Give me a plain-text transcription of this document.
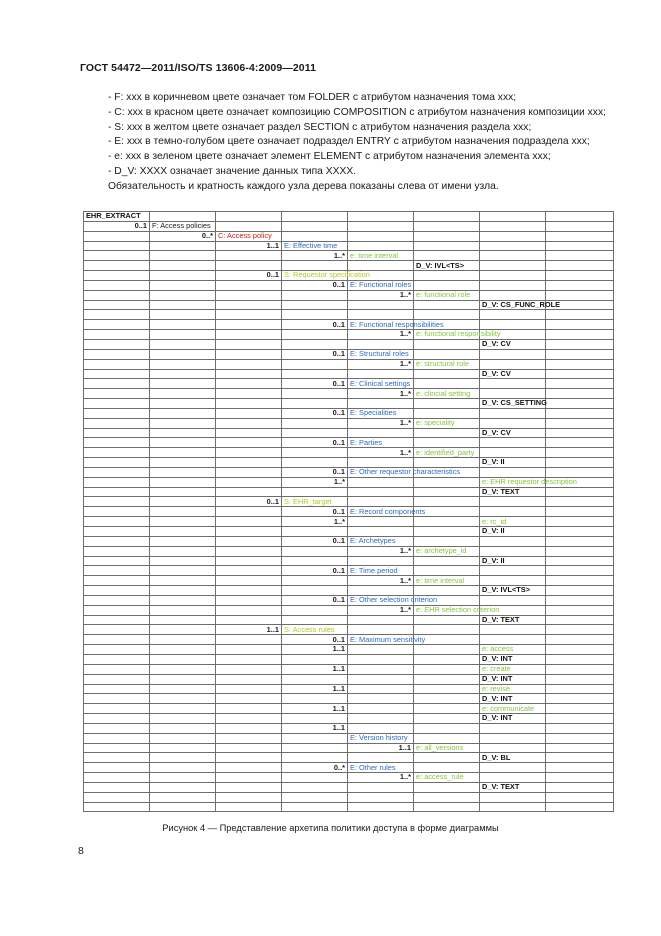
ГОСТ 54472—2011/ISO/TS 13606-4:2009—2011
- F: xxx в коричневом цвете означает том FOLDER с атрибутом назначения тома xxx;
- C: xxx в красном цвете означает композицию COMPOSITION с атрибутом назначения композиции xxx;
- S: xxx в желтом цвете означает раздел SECTION с атрибутом назначения раздела xxx;
- E: xxx в темно-голубом цвете означает подраздел ENTRY с атрибутом назначения подраздела xxx;
- e: xxx в зеленом цвете означает элемент ELEMENT с атрибутом назначения элемента xxx;
- D_V: XXXX означает значение данных типа XXXX.
Обязательность и кратность каждого узла дерева показаны слева от имени узла.
EHR_EXTRACT							
0..1	F: Access policies						
	0..*	C: Access policy					
		1..1	E: Effective time				
			1..*	e: time interval			
					D_V: IVL<TS>		
		0..1	S: Requestor specification				
			0..1	E: Functional roles			
				1..*	e: functional role		
						D_V: CS_FUNC_ROLE	

			0..1	E: Functional responsibilities			
				1..*	e: functional responsibility		
						D_V: CV	
			0..1	E: Structural roles			
				1..*	e: structural role		
						D_V: CV	
			0..1	E: Clinical settings			
				1..*	e: clincial setting		
						D_V: CS_SETTING	
			0..1	E: Specialities			
				1..*	e: speciality		
						D_V: CV	
			0..1	E: Parties			
				1..*	e: identified_party		
						D_V: II	
			0..1	E: Other requestor characteristics			
			1..*			e: EHR requestor description	
						D_V: TEXT	
		0..1	S: EHR_target				
			0..1	E: Record components			
			1..*			e: rc_id	
						D_V: II	
			0..1	E: Archetypes			
				1..*	e: archetype_id		
						D_V: II	
			0..1	E: Time period			
				1..*	e: time interval		
						D_V: IVL<TS>	
			0..1	E: Other selection criterion			
				1..*	e: EHR selection criterion		
						D_V: TEXT	
		1..1	S: Access rules				
			0..1	E: Maximum sensitivity			
			1..1			e: access	
						D_V: INT	
			1..1			e: create	
						D_V: INT	
			1..1			e: revise	
						D_V: INT	
			1..1			e: communicate	
						D_V: INT	
			1..1				
				E: Version history			
				1..1	e: all_versions		
						D_V: BL	
			0..*	E: Other rules			
				1..*	e: access_rule		
						D_V: TEXT	

Рисунок 4 — Представление архетипа политики доступа в форме диаграммы
8
